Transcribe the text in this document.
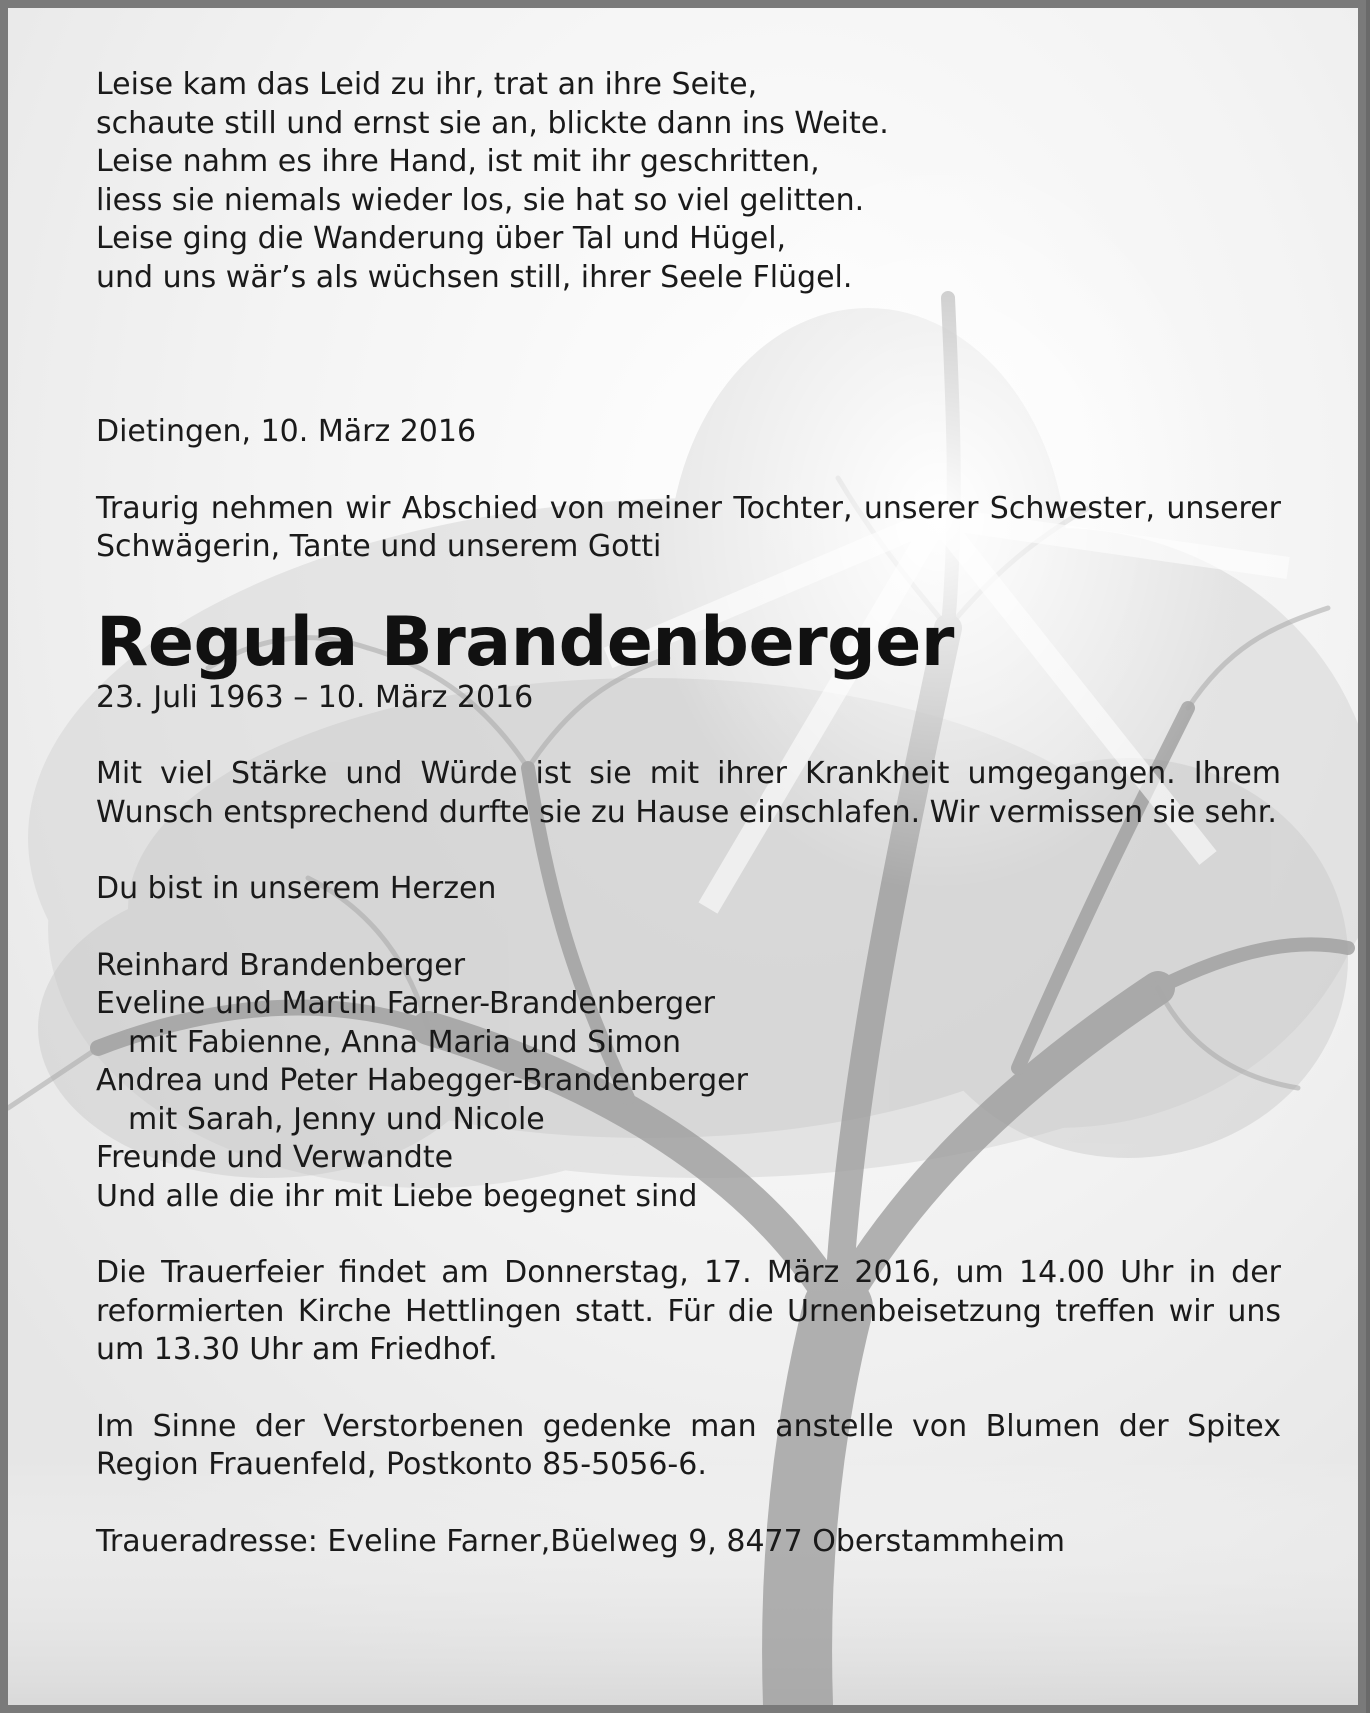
Leise kam das Leid zu ihr, trat an ihre Seite,
schaute still und ernst sie an, blickte dann ins Weite.
Leise nahm es ihre Hand, ist mit ihr geschritten,
liess sie niemals wieder los, sie hat so viel gelitten.
Leise ging die Wanderung über Tal und Hügel,
und uns wär’s als wüchsen still, ihrer Seele Flügel.
Dietingen, 10. März 2016
Traurig nehmen wir Abschied von meiner Tochter, unserer Schwester, unserer Schwägerin, Tante und unserem Gotti
Regula Brandenberger
23. Juli 1963 – 10. März 2016
Mit viel Stärke und Würde ist sie mit ihrer Krankheit umgegangen. Ihrem Wunsch entsprechend durfte sie zu Hause einschlafen. Wir vermissen sie sehr.
Du bist in unserem Herzen
Reinhard Brandenberger
Eveline und Martin Farner-Brandenberger
mit Fabienne, Anna Maria und Simon
Andrea und Peter Habegger-Brandenberger
mit Sarah, Jenny und Nicole
Freunde und Verwandte
Und alle die ihr mit Liebe begegnet sind
Die Trauerfeier findet am Donnerstag, 17. März 2016, um 14.00 Uhr in der reformierten Kirche Hettlingen statt. Für die Urnenbeisetzung treffen wir uns um 13.30 Uhr am Friedhof.
Im Sinne der Verstorbenen gedenke man anstelle von Blumen der Spitex Region Frauenfeld, Postkonto 85-5056-6.
Traueradresse: Eveline Farner,Büelweg 9, 8477 Oberstammheim
